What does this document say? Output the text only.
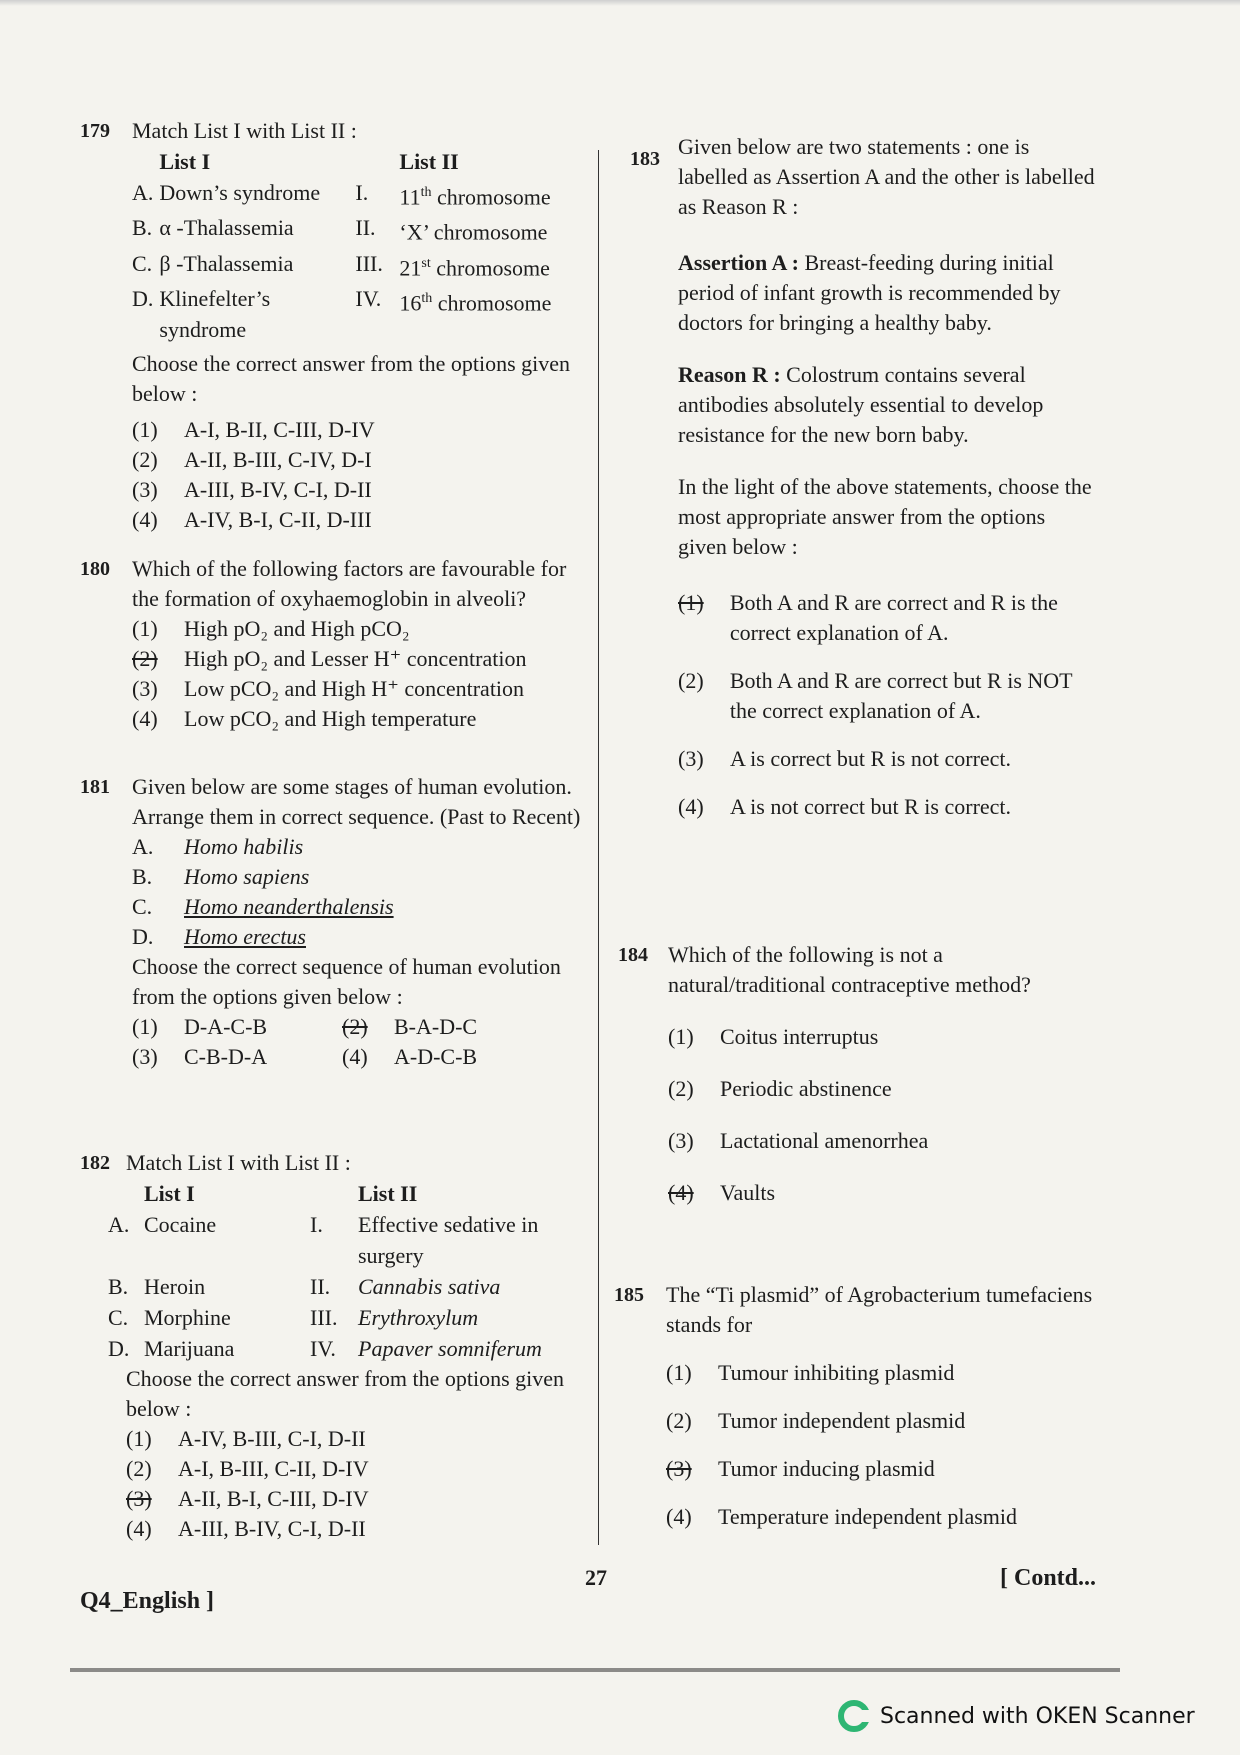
179 Match List I with List II :
	List I		List II
A.	Down’s syndrome	I.	11th chromosome
B.	α -Thalassemia	II.	‘X’ chromosome
C.	β -Thalassemia	III.	21st chromosome
D.	Klinefelter’s syndrome	IV.	16th chromosome
Choose the correct answer from the options given below :
(1)	A-I, B-II, C-III, D-IV
(2)	A-II, B-III, C-IV, D-I
(3)	A-III, B-IV, C-I, D-II
(4)	A-IV, B-I, C-II, D-III
180 Which of the following factors are favourable for the formation of oxyhaemoglobin in alveoli?
(1)	High pO₂ and High pCO₂
(2)	High pO₂ and Lesser H⁺ concentration
(3)	Low pCO₂ and High H⁺ concentration
(4)	Low pCO₂ and High temperature
181 Given below are some stages of human evolution. Arrange them in correct sequence. (Past to Recent)
A.	Homo habilis
B.	Homo sapiens
C.	Homo neanderthalensis
D.	Homo erectus
Choose the correct sequence of human evolution from the options given below :
(1)	D-A-C-B	(2)	B-A-D-C
(3)	C-B-D-A	(4)	A-D-C-B
182 Match List I with List II :
	List I		List II
A.	Cocaine	I.	Effective sedative in surgery
B.	Heroin	II.	Cannabis sativa
C.	Morphine	III.	Erythroxylum
D.	Marijuana	IV.	Papaver somniferum
Choose the correct answer from the options given below :
(1)	A-IV, B-III, C-I, D-II
(2)	A-I, B-III, C-II, D-IV
(3)	A-II, B-I, C-III, D-IV
(4)	A-III, B-IV, C-I, D-II
183 Given below are two statements : one is labelled as Assertion A and the other is labelled as Reason R :
Assertion A : Breast-feeding during initial period of infant growth is recommended by doctors for bringing a healthy baby.
Reason R : Colostrum contains several antibodies absolutely essential to develop resistance for the new born baby.
In the light of the above statements, choose the most appropriate answer from the options given below :
(1)	Both A and R are correct and R is the correct explanation of A.
(2)	Both A and R are correct but R is NOT the correct explanation of A.
(3)	A is correct but R is not correct.
(4)	A is not correct but R is correct.
184 Which of the following is not a natural/traditional contraceptive method?
(1)	Coitus interruptus
(2)	Periodic abstinence
(3)	Lactational amenorrhea
(4)	Vaults
185 The “Ti plasmid” of Agrobacterium tumefaciens stands for
(1)	Tumour inhibiting plasmid
(2)	Tumor independent plasmid
(3)	Tumor inducing plasmid
(4)	Temperature independent plasmid
27
Q4_English ]
[ Contd...
Scanned with OKEN Scanner
